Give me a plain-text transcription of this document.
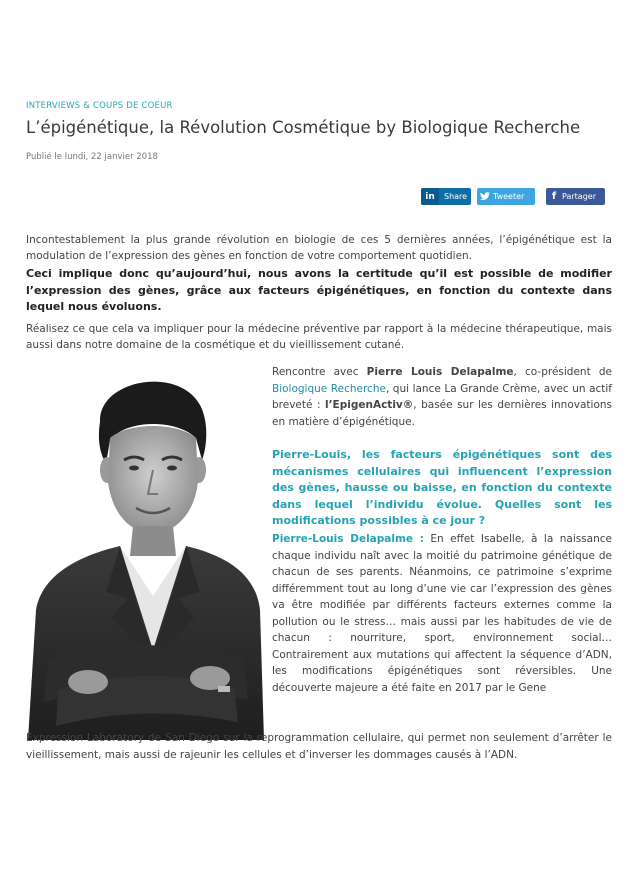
INTERVIEWS & COUPS DE COEUR
L’épigénétique, la Révolution Cosmétique by Biologique Recherche
Publié le lundi, 22 janvier 2018
in	Share	Tweeter	f Partager
Incontestablement la plus grande révolution en biologie de ces 5 dernières années, l’épigénétique est la modulation de l’expression des gènes en fonction de votre comportement quotidien.
Ceci implique donc qu’aujourd’hui, nous avons la certitude qu’il est possible de modifier l’expression des gènes, grâce aux facteurs épigénétiques, en fonction du contexte dans lequel nous évoluons.
Réalisez ce que cela va impliquer pour la médecine préventive par rapport à la médecine thérapeutique, mais aussi dans notre domaine de la cosmétique et du vieillissement cutané.
Rencontre avec Pierre Louis Delapalme, co-président de Biologique Recherche, qui lance La Grande Crème, avec un actif breveté : l’EpigenActiv®, basée sur les dernières innovations en matière d’épigénétique.
Pierre-Louis, les facteurs épigénétiques sont des mécanismes cellulaires qui influencent l’expression des gènes, hausse ou baisse, en fonction du contexte dans lequel l’individu évolue. Quelles sont les modifications possibles à ce jour ?
Pierre-Louis Delapalme : En effet Isabelle, à la naissance chaque individu naît avec la moitié du patrimoine génétique de chacun de ses parents. Néanmoins, ce patrimoine s’exprime différemment tout au long d’une vie car l’expression des gènes va être modifiée par différents facteurs externes comme la pollution ou le stress… mais aussi par les habitudes de vie de chacun : nourriture, sport, environnement social… Contrairement aux mutations qui affectent la séquence d’ADN, les modifications épigénétiques sont réversibles. Une découverte majeure a été faite en 2017 par le Gene
Expression Laboratory de San Diego sur la reprogrammation cellulaire, qui permet non seulement d’arrêter le vieillissement, mais aussi de rajeunir les cellules et d’inverser les dommages causés à l’ADN.
